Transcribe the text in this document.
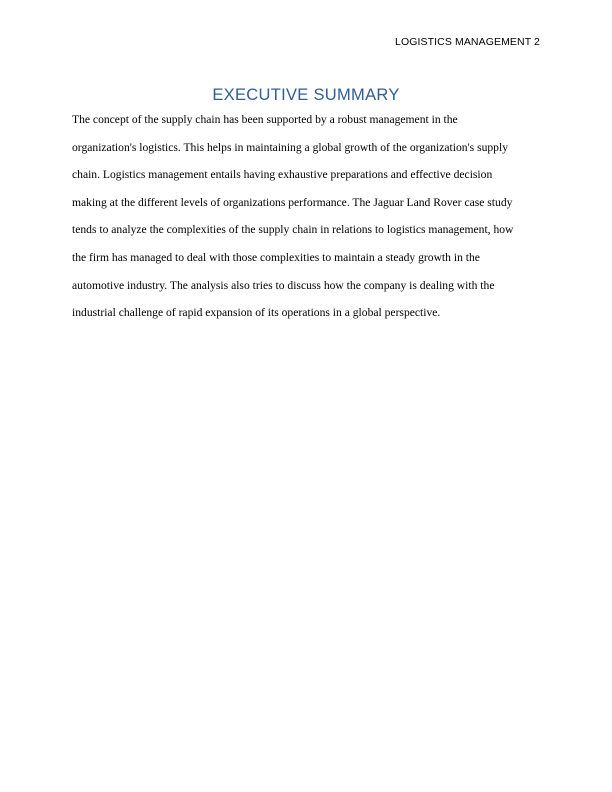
LOGISTICS MANAGEMENT 2
EXECUTIVE SUMMARY

The concept of the supply chain has been supported by a robust management in the
organization's logistics. This helps in maintaining a global growth of the organization's supply
chain. Logistics management entails having exhaustive preparations and effective decision
making at the different levels of organizations performance. The Jaguar Land Rover case study
tends to analyze the complexities of the supply chain in relations to logistics management, how
the firm has managed to deal with those complexities to maintain a steady growth in the
automotive industry. The analysis also tries to discuss how the company is dealing with the
industrial challenge of rapid expansion of its operations in a global perspective.
